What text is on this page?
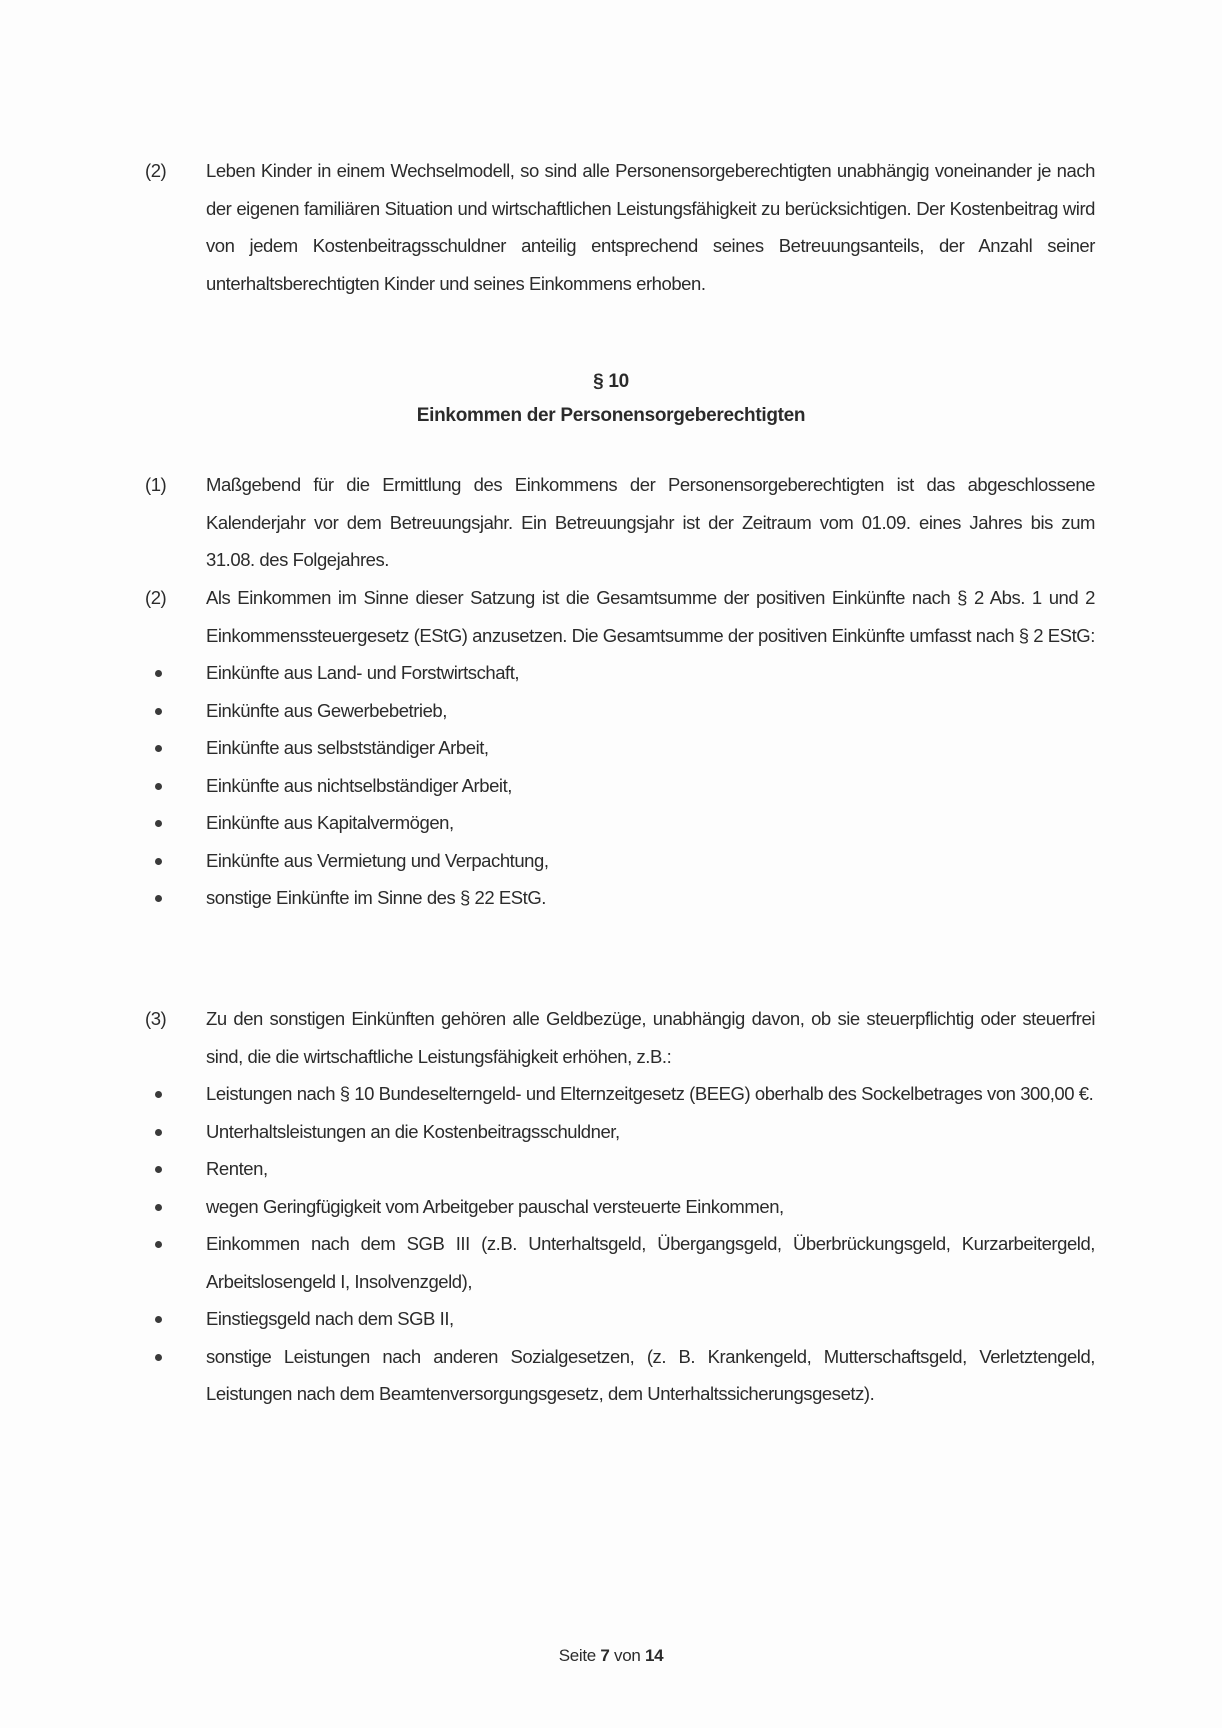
(2)	Leben Kinder in einem Wechselmodell, so sind alle Personensorgeberechtigten unabhängig voneinander je nach der eigenen familiären Situation und wirtschaftlichen Leistungsfähigkeit zu berücksichtigen. Der Kostenbeitrag wird von jedem Kostenbeitragsschuldner anteilig entsprechend seines Betreuungsanteils, der Anzahl seiner unterhaltsberechtigten Kinder und seines Einkommens erhoben.
§ 10
Einkommen der Personensorgeberechtigten
(1)	Maßgebend für die Ermittlung des Einkommens der Personensorgeberechtigten ist das abgeschlossene Kalenderjahr vor dem Betreuungsjahr. Ein Betreuungsjahr ist der Zeitraum vom 01.09. eines Jahres bis zum 31.08. des Folgejahres.
(2)	Als Einkommen im Sinne dieser Satzung ist die Gesamtsumme der positiven Einkünfte nach § 2 Abs. 1 und 2 Einkommenssteuergesetz (EStG) anzusetzen. Die Gesamtsumme der positiven Einkünfte umfasst nach § 2 EStG:
Einkünfte aus Land- und Forstwirtschaft,
Einkünfte aus Gewerbebetrieb,
Einkünfte aus selbstständiger Arbeit,
Einkünfte aus nichtselbständiger Arbeit,
Einkünfte aus Kapitalvermögen,
Einkünfte aus Vermietung und Verpachtung,
sonstige Einkünfte im Sinne des § 22 EStG.
(3)	Zu den sonstigen Einkünften gehören alle Geldbezüge, unabhängig davon, ob sie steuerpflichtig oder steuerfrei sind, die die wirtschaftliche Leistungsfähigkeit erhöhen, z.B.:
Leistungen nach § 10 Bundeselterngeld- und Elternzeitgesetz (BEEG) oberhalb des Sockelbetrages von 300,00 €.
Unterhaltsleistungen an die Kostenbeitragsschuldner,
Renten,
wegen Geringfügigkeit vom Arbeitgeber pauschal versteuerte Einkommen,
Einkommen nach dem SGB III (z.B. Unterhaltsgeld, Übergangsgeld, Überbrückungsgeld, Kurzarbeitergeld, Arbeitslosengeld I, Insolvenzgeld),
Einstiegsgeld nach dem SGB II,
sonstige Leistungen nach anderen Sozialgesetzen, (z. B. Krankengeld, Mutterschaftsgeld, Verletztengeld, Leistungen nach dem Beamtenversorgungsgesetz, dem Unterhaltssicherungsgesetz).
Seite 7 von 14
